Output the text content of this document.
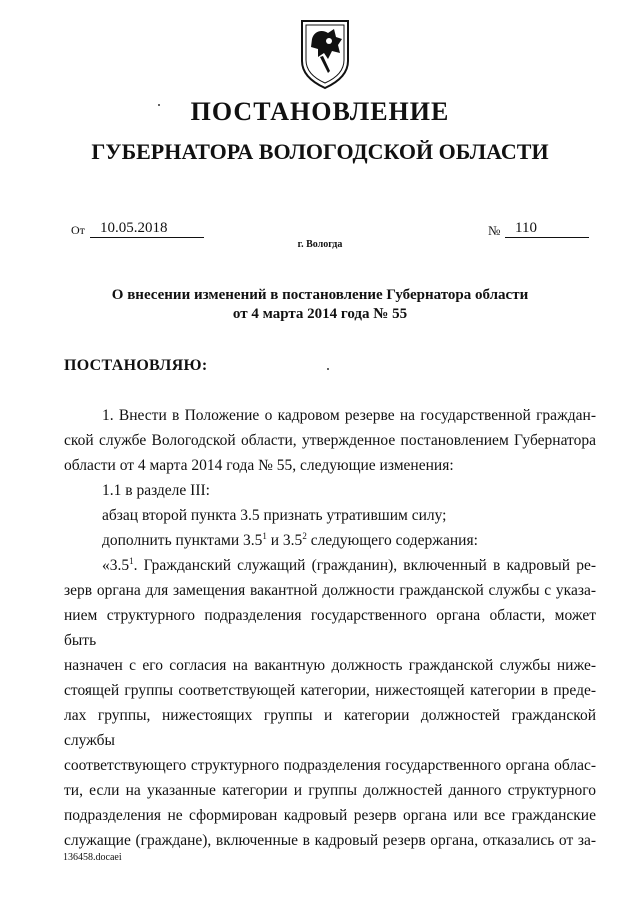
ПОСТАНОВЛЕНИЕ
ГУБЕРНАТОРА ВОЛОГОДСКОЙ ОБЛАСТИ
От	10.05.2018	№ 110
г. Вологда
О внесении изменений в постановление Губернатора области
от 4 марта 2014 года № 55
ПОСТАНОВЛЯЮ:

1. Внести в Положение о кадровом резерве на государственной граждан-

ской службе Вологодской области, утвержденное постановлением Губернатора

области от 4 марта 2014 года № 55, следующие изменения:

1.1 в разделе III:

абзац второй пункта 3.5 признать утратившим силу;

дополнить пунктами $3.5^1$ и $3.5^2$ следующего содержания:

«$3.5^1$. Гражданский служащий (гражданин), включенный в кадровый ре-

зерв органа для замещения вакантной должности гражданской службы с указа-

нием структурного подразделения государственного органа области, может быть

назначен с его согласия на вакантную должность гражданской службы ниже-

стоящей группы соответствующей категории, нижестоящей категории в преде-

лах группы, нижестоящих группы и категории должностей гражданской службы

соответствующего структурного подразделения государственного органа облас-

ти, если на указанные категории и группы должностей данного структурного

подразделения не сформирован кадровый резерв органа или все гражданские

служащие (граждане), включенные в кадровый резерв органа, отказались от за-

136458.docaei
